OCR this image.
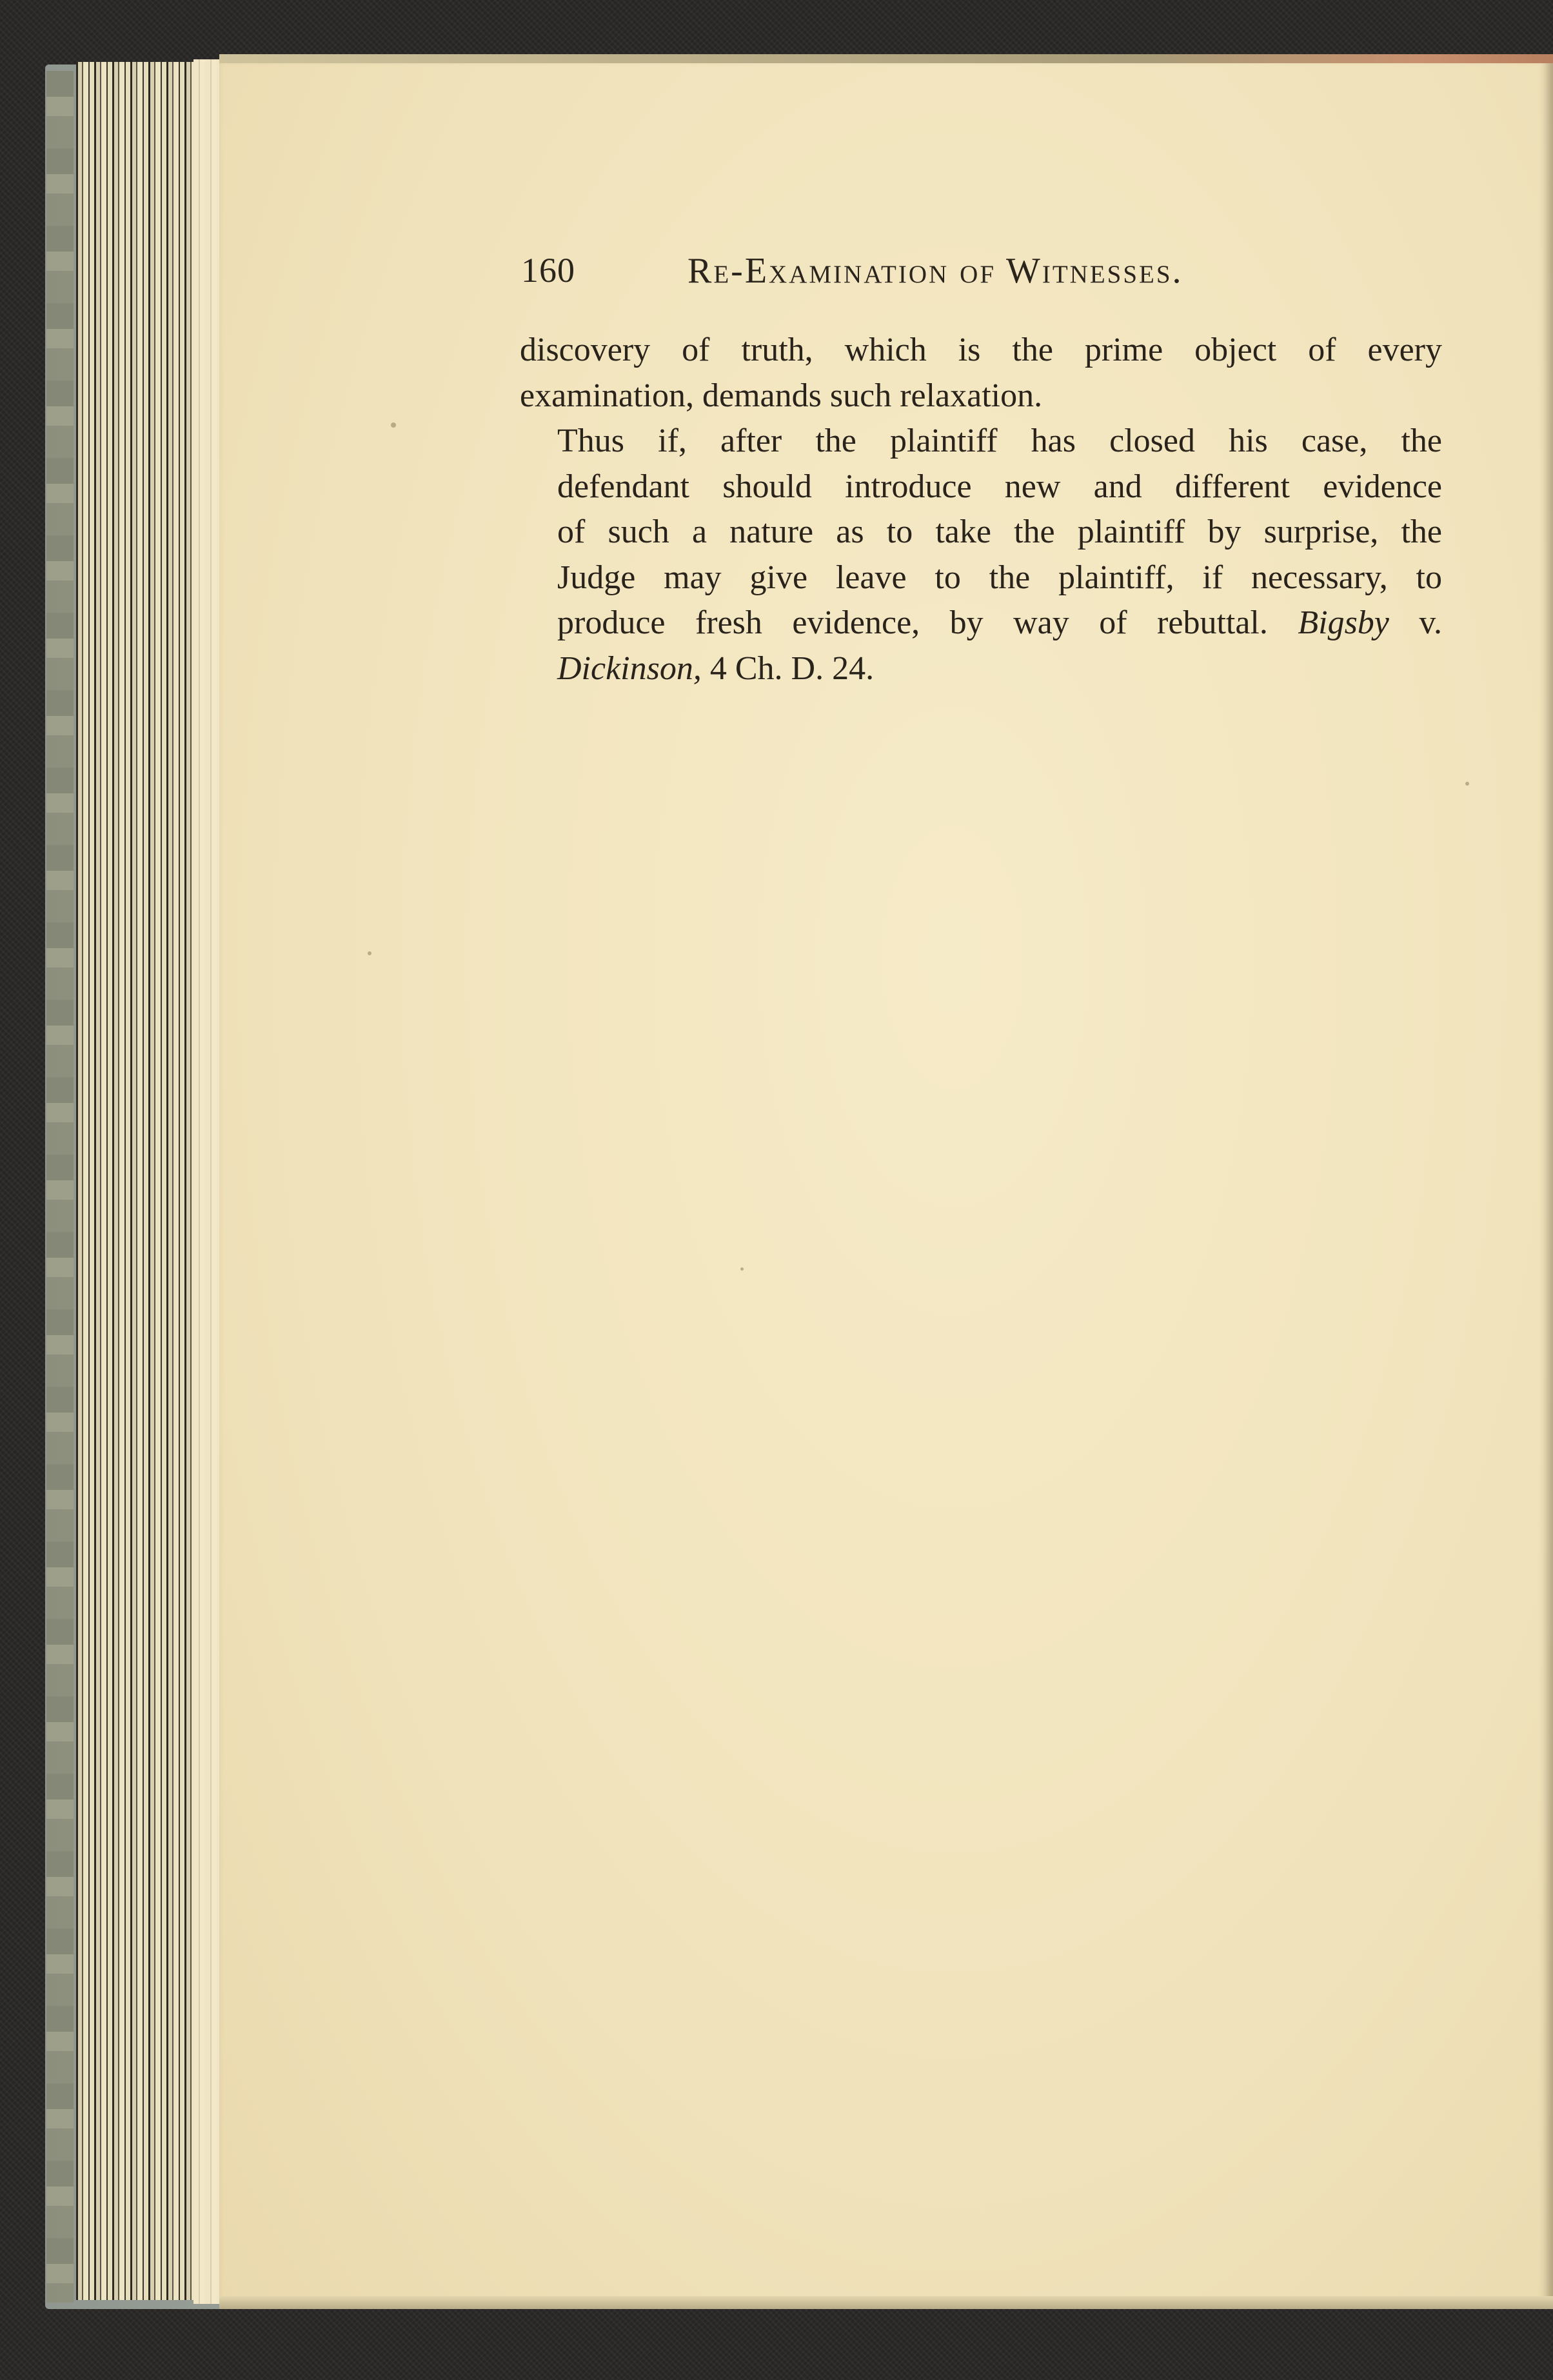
160	Re-Examination of Witnesses.

discovery of truth, which is the prime object of every
examination, demands such relaxation.

Thus if, after the plaintiff has closed his case, the
defendant should introduce new and different evidence
of such a nature as to take the plaintiff by surprise, the
Judge may give leave to the plaintiff, if necessary, to
produce fresh evidence, by way of rebuttal. Bigsby v.
Dickinson, 4 Ch. D. 24.
